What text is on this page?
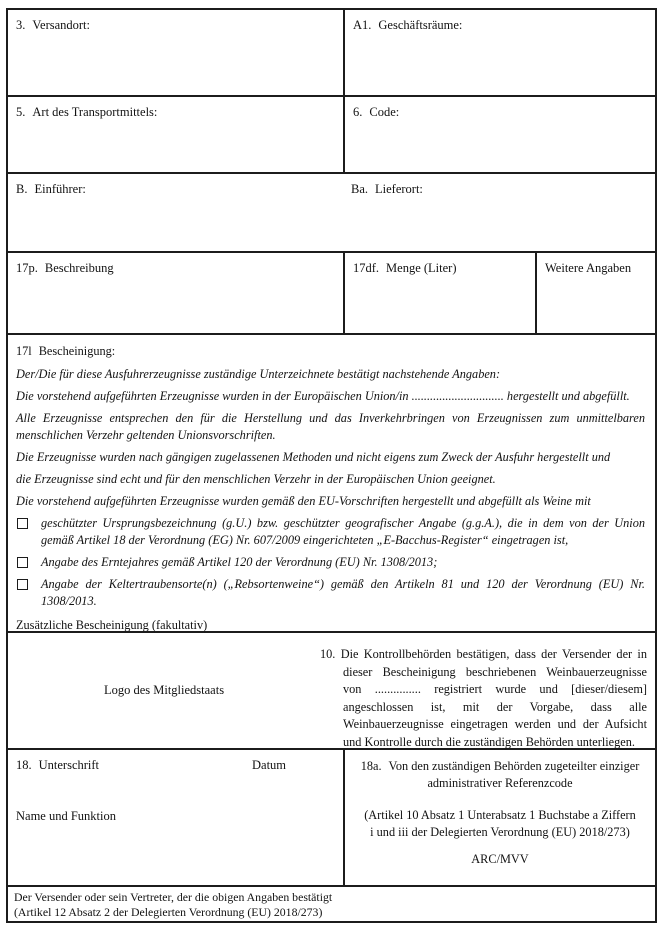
3. Versandort:	A1. Geschäftsräume:
5. Art des Transportmittels:	6. Code:
B. Einführer:	Ba. Lieferort:
17p. Beschreibung	17df. Menge (Liter)	Weitere Angaben
17l Bescheinigung:

Der/Die für diese Ausfuhrerzeugnisse zuständige Unterzeichnete bestätigt nachstehende Angaben:

Die vorstehend aufgeführten Erzeugnisse wurden in der Europäischen Union/in .............................. hergestellt und abgefüllt.

Alle Erzeugnisse entsprechen den für die Herstellung und das Inverkehrbringen von Erzeugnissen zum unmittelbaren menschlichen Verzehr geltenden Unionsvorschriften.

Die Erzeugnisse wurden nach gängigen zugelassenen Methoden und nicht eigens zum Zweck der Ausfuhr hergestellt und

die Erzeugnisse sind echt und für den menschlichen Verzehr in der Europäischen Union geeignet.

Die vorstehend aufgeführten Erzeugnisse wurden gemäß den EU-Vorschriften hergestellt und abgefüllt als Weine mit

geschützter Ursprungsbezeichnung (g.U.) bzw. geschützter geografischer Angabe (g.g.A.), die in dem von der Union gemäß Artikel 18 der Verordnung (EG) Nr. 607/2009 eingerichteten „E-Bacchus-Register“ eingetragen ist,
Angabe des Erntejahres gemäß Artikel 120 der Verordnung (EU) Nr. 1308/2013;
Angabe der Keltertraubensorte(n) („Rebsortenweine“) gemäß den Artikeln 81 und 120 der Verordnung (EU) Nr. 1308/2013.
Zusätzliche Bescheinigung (fakultativ)
Logo des Mitgliedstaats

10. Die Kontrollbehörden bestätigen, dass der Versender der in dieser Bescheinigung beschriebenen Weinbauerzeugnisse von ............... registriert wurde und [dieser/diesem] angeschlossen ist, mit der Vorgabe, dass alle Weinbauerzeugnisse eingetragen werden und der Aufsicht und Kontrolle durch die zuständigen Behörden unterliegen.

18. Unterschrift	Datum
Name und Funktion
18a. Von den zuständigen Behörden zugeteilter einziger administrativer Referenzcode
(Artikel 10 Absatz 1 Unterabsatz 1 Buchstabe a Ziffern i und iii der Delegierten Verordnung (EU) 2018/273)
ARC/MVV
Der Versender oder sein Vertreter, der die obigen Angaben bestätigt
(Artikel 12 Absatz 2 der Delegierten Verordnung (EU) 2018/273)
